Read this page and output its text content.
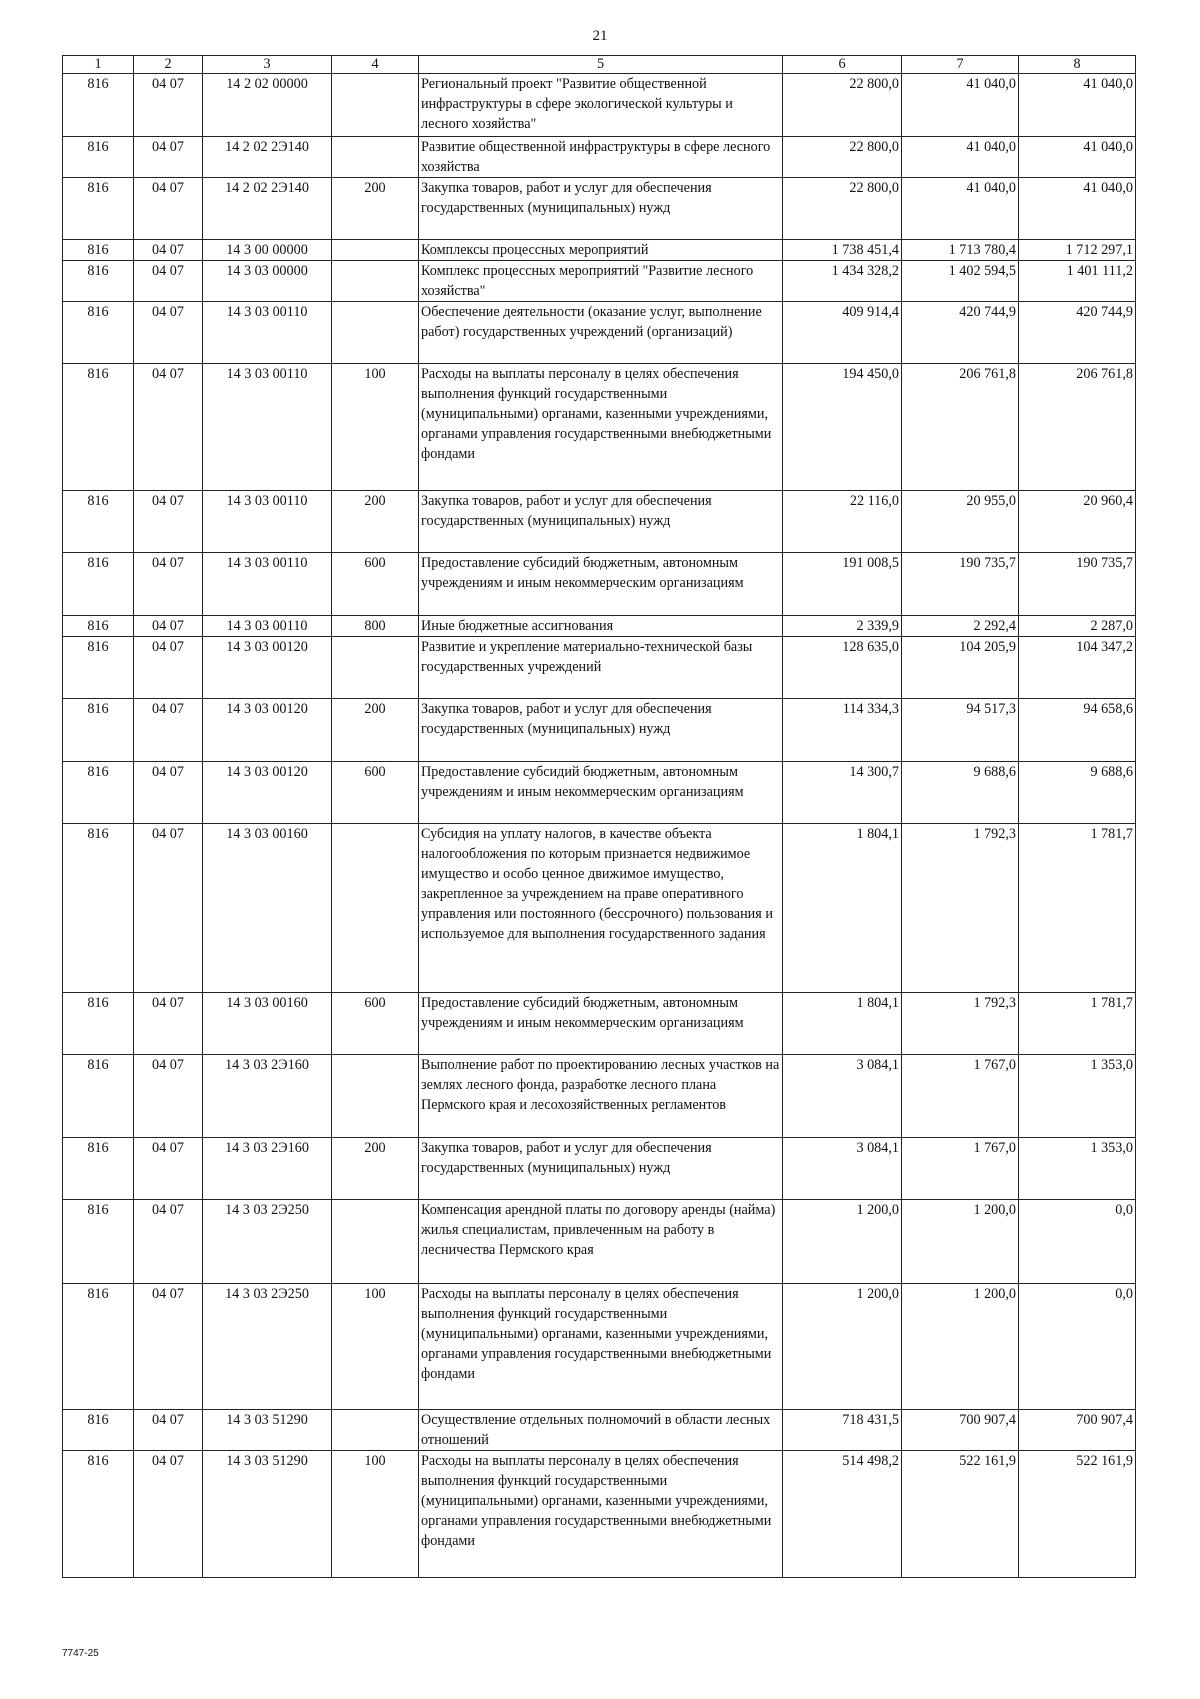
21
1	2	3	4	5	6	7	8
816	04 07	14 2 02 00000		Региональный проект "Развитие общественной инфраструктуры в сфере экологической культуры и лесного хозяйства"	22 800,0	41 040,0	41 040,0
816	04 07	14 2 02 2Э140		Развитие общественной инфраструктуры в сфере лесного хозяйства	22 800,0	41 040,0	41 040,0
816	04 07	14 2 02 2Э140	200	Закупка товаров, работ и услуг для обеспечения государственных (муниципальных) нужд	22 800,0	41 040,0	41 040,0
816	04 07	14 3 00 00000		Комплексы процессных мероприятий	1 738 451,4	1 713 780,4	1 712 297,1
816	04 07	14 3 03 00000		Комплекс процессных мероприятий "Развитие лесного хозяйства"	1 434 328,2	1 402 594,5	1 401 111,2
816	04 07	14 3 03 00110		Обеспечение деятельности (оказание услуг, выполнение работ) государственных учреждений (организаций)	409 914,4	420 744,9	420 744,9
816	04 07	14 3 03 00110	100	Расходы на выплаты персоналу в целях обеспечения выполнения функций государственными (муниципальными) органами, казенными учреждениями, органами управления государственными внебюджетными фондами	194 450,0	206 761,8	206 761,8
816	04 07	14 3 03 00110	200	Закупка товаров, работ и услуг для обеспечения государственных (муниципальных) нужд	22 116,0	20 955,0	20 960,4
816	04 07	14 3 03 00110	600	Предоставление субсидий бюджетным, автономным учреждениям и иным некоммерческим организациям	191 008,5	190 735,7	190 735,7
816	04 07	14 3 03 00110	800	Иные бюджетные ассигнования	2 339,9	2 292,4	2 287,0
816	04 07	14 3 03 00120		Развитие и укрепление материально-технической базы государственных учреждений	128 635,0	104 205,9	104 347,2
816	04 07	14 3 03 00120	200	Закупка товаров, работ и услуг для обеспечения государственных (муниципальных) нужд	114 334,3	94 517,3	94 658,6
816	04 07	14 3 03 00120	600	Предоставление субсидий бюджетным, автономным учреждениям и иным некоммерческим организациям	14 300,7	9 688,6	9 688,6
816	04 07	14 3 03 00160		Субсидия на уплату налогов, в качестве объекта налогообложения по которым признается недвижимое имущество и особо ценное движимое имущество, закрепленное за учреждением на праве оперативного управления или постоянного (бессрочного) пользования и используемое для выполнения государственного задания	1 804,1	1 792,3	1 781,7
816	04 07	14 3 03 00160	600	Предоставление субсидий бюджетным, автономным учреждениям и иным некоммерческим организациям	1 804,1	1 792,3	1 781,7
816	04 07	14 3 03 2Э160		Выполнение работ по проектированию лесных участков на землях лесного фонда, разработке лесного плана Пермского края и лесохозяйственных регламентов	3 084,1	1 767,0	1 353,0
816	04 07	14 3 03 2Э160	200	Закупка товаров, работ и услуг для обеспечения государственных (муниципальных) нужд	3 084,1	1 767,0	1 353,0
816	04 07	14 3 03 2Э250		Компенсация арендной платы по договору аренды (найма) жилья специалистам, привлеченным на работу в лесничества Пермского края	1 200,0	1 200,0	0,0
816	04 07	14 3 03 2Э250	100	Расходы на выплаты персоналу в целях обеспечения выполнения функций государственными (муниципальными) органами, казенными учреждениями, органами управления государственными внебюджетными фондами	1 200,0	1 200,0	0,0
816	04 07	14 3 03 51290		Осуществление отдельных полномочий в области лесных отношений	718 431,5	700 907,4	700 907,4
816	04 07	14 3 03 51290	100	Расходы на выплаты персоналу в целях обеспечения выполнения функций государственными (муниципальными) органами, казенными учреждениями, органами управления государственными внебюджетными фондами	514 498,2	522 161,9	522 161,9
7747-25
